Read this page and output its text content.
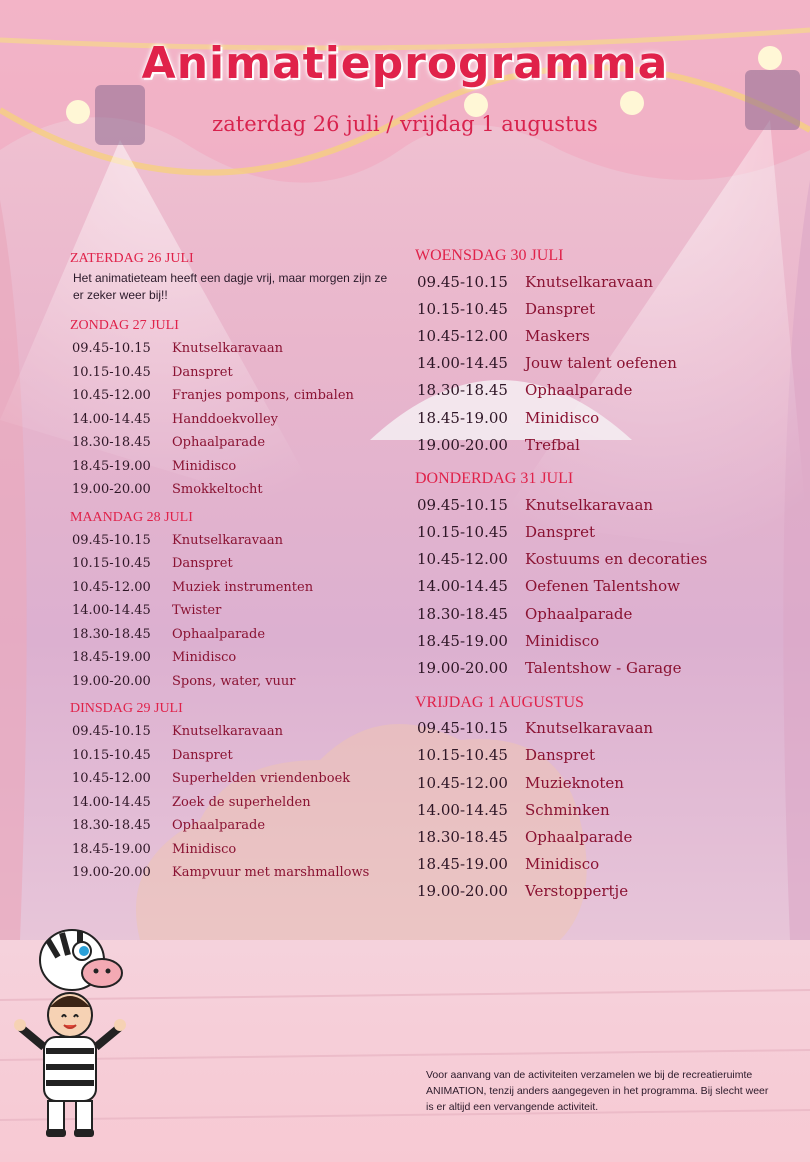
Animatieprogramma
zaterdag 26 juli / vrijdag 1 augustus
ZATERDAG 26 JULI
Het animatieteam heeft een dagje vrij, maar morgen zijn ze er zeker weer bij!!
ZONDAG 27 JULI
09.45-10.15	Knutselkaravaan
10.15-10.45	Danspret
10.45-12.00	Franjes pompons, cimbalen
14.00-14.45	Handdoekvolley
18.30-18.45	Ophaalparade
18.45-19.00	Minidisco
19.00-20.00	Smokkeltocht
MAANDAG 28 JULI
09.45-10.15	Knutselkaravaan
10.15-10.45	Danspret
10.45-12.00	Muziek instrumenten
14.00-14.45	Twister
18.30-18.45	Ophaalparade
18.45-19.00	Minidisco
19.00-20.00	Spons, water, vuur
DINSDAG 29 JULI
09.45-10.15	Knutselkaravaan
10.15-10.45	Danspret
10.45-12.00	Superhelden vriendenboek
14.00-14.45	Zoek de superhelden
18.30-18.45	Ophaalparade
18.45-19.00	Minidisco
19.00-20.00	Kampvuur met marshmallows
WOENSDAG 30 JULI
09.45-10.15	Knutselkaravaan
10.15-10.45	Danspret
10.45-12.00	Maskers
14.00-14.45	Jouw talent oefenen
18.30-18.45	Ophaalparade
18.45-19.00	Minidisco
19.00-20.00	Trefbal
DONDERDAG 31 JULI
09.45-10.15	Knutselkaravaan
10.15-10.45	Danspret
10.45-12.00	Kostuums en decoraties
14.00-14.45	Oefenen Talentshow
18.30-18.45	Ophaalparade
18.45-19.00	Minidisco
19.00-20.00	Talentshow - Garage
VRIJDAG 1 AUGUSTUS
09.45-10.15	Knutselkaravaan
10.15-10.45	Danspret
10.45-12.00	Muzieknoten
14.00-14.45	Schminken
18.30-18.45	Ophaalparade
18.45-19.00	Minidisco
19.00-20.00	Verstoppertje
Voor aanvang van de activiteiten verzamelen we bij de recreatieruimte ANIMATION, tenzij anders aangegeven in het programma. Bij slecht weer is er altijd een vervangende activiteit.
